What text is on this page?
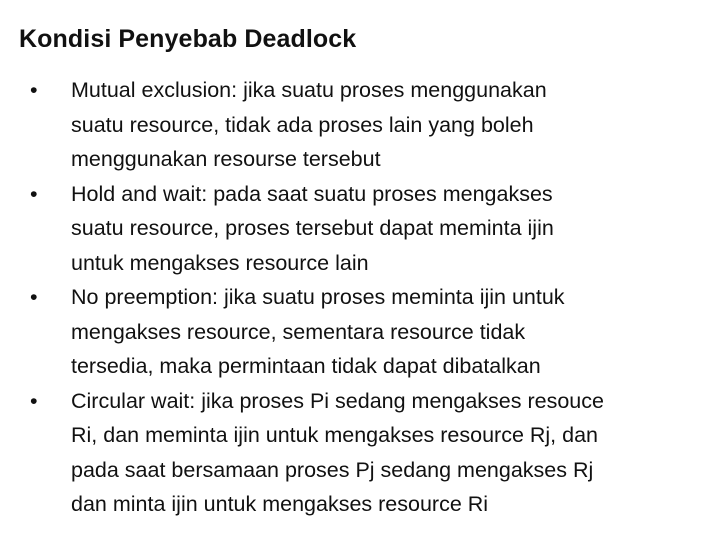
Kondisi Penyebab Deadlock
•	Mutual exclusion: jika suatu proses menggunakan
suatu resource, tidak ada proses lain yang boleh
menggunakan resourse tersebut
•	Hold and wait: pada saat suatu proses mengakses
suatu resource, proses tersebut dapat meminta ijin
untuk mengakses resource lain
•	No preemption: jika suatu proses meminta ijin untuk
mengakses resource, sementara resource tidak
tersedia, maka permintaan tidak dapat dibatalkan
•	Circular wait: jika proses Pi sedang mengakses resouce
Ri, dan meminta ijin untuk mengakses resource Rj, dan
pada saat bersamaan proses Pj sedang mengakses Rj
dan minta ijin untuk mengakses resource Ri
